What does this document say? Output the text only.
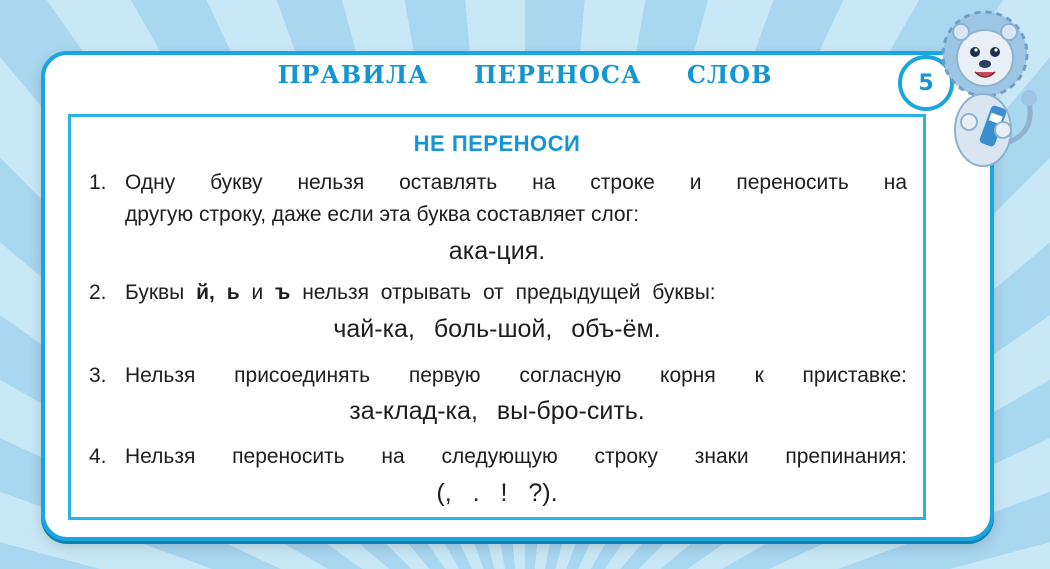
ПРАВИЛА ПЕРЕНОСА СЛОВ	5
НЕ ПЕРЕНОСИ
1. Одну букву нельзя оставлять на строке и переносить на
другую строку, даже если эта буква составляет слог:
ака-ция.
2. Буквы й, ь и ъ нельзя отрывать от предыдущей буквы:
чай-ка, боль-шой, объ-ём.
3. Нельзя присоединять первую согласную корня к приставке:
за-клад-ка, вы-бро-сить.
4. Нельзя переносить на следующую строку знаки препинания:
(, . ! ?).
